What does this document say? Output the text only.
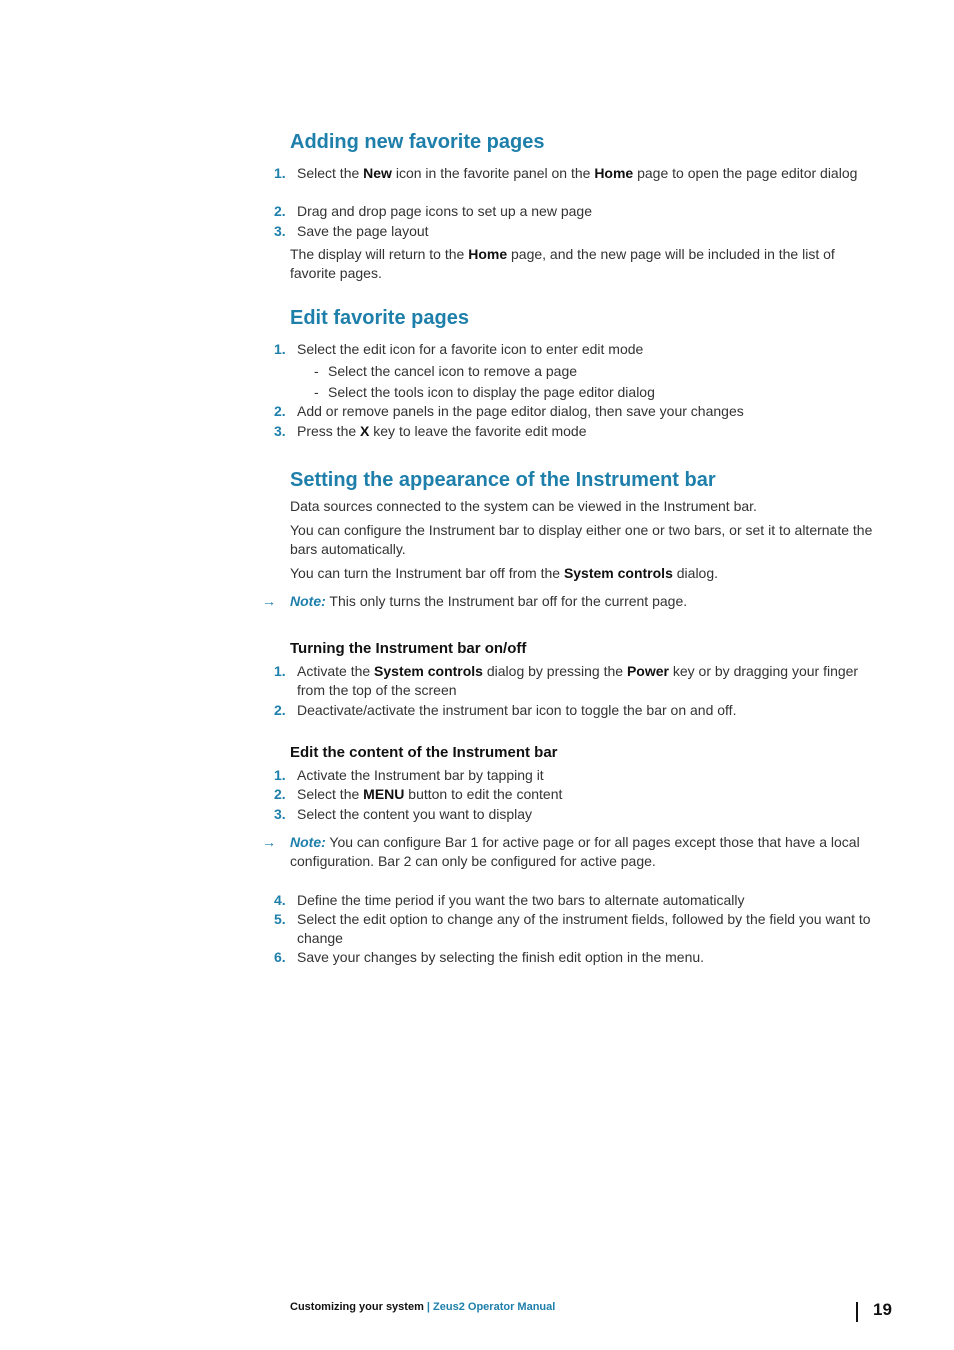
Adding new favorite pages
1. Select the New icon in the favorite panel on the Home page to open the page editor dialog
2. Drag and drop page icons to set up a new page
3. Save the page layout

The display will return to the Home page, and the new page will be included in the list of favorite pages.

Edit favorite pages
1. Select the edit icon for a favorite icon to enter edit mode
- Select the cancel icon to remove a page
- Select the tools icon to display the page editor dialog
2. Add or remove panels in the page editor dialog, then save your changes
3. Press the X key to leave the favorite edit mode
Setting the appearance of the Instrument bar

Data sources connected to the system can be viewed in the Instrument bar.

You can configure the Instrument bar to display either one or two bars, or set it to alternate the bars automatically.

You can turn the Instrument bar off from the System controls dialog.

→ Note: This only turns the Instrument bar off for the current page.
Turning the Instrument bar on/off
1. Activate the System controls dialog by pressing the Power key or by dragging your finger from the top of the screen
2. Deactivate/activate the instrument bar icon to toggle the bar on and off.
Edit the content of the Instrument bar
1. Activate the Instrument bar by tapping it
2. Select the MENU button to edit the content
3. Select the content you want to display
→ Note: You can configure Bar 1 for active page or for all pages except those that have a local configuration. Bar 2 can only be configured for active page.
4. Define the time period if you want the two bars to alternate automatically
5. Select the edit option to change any of the instrument fields, followed by the field you want to change
6. Save your changes by selecting the finish edit option in the menu.
Customizing your system | Zeus2 Operator Manual	19
